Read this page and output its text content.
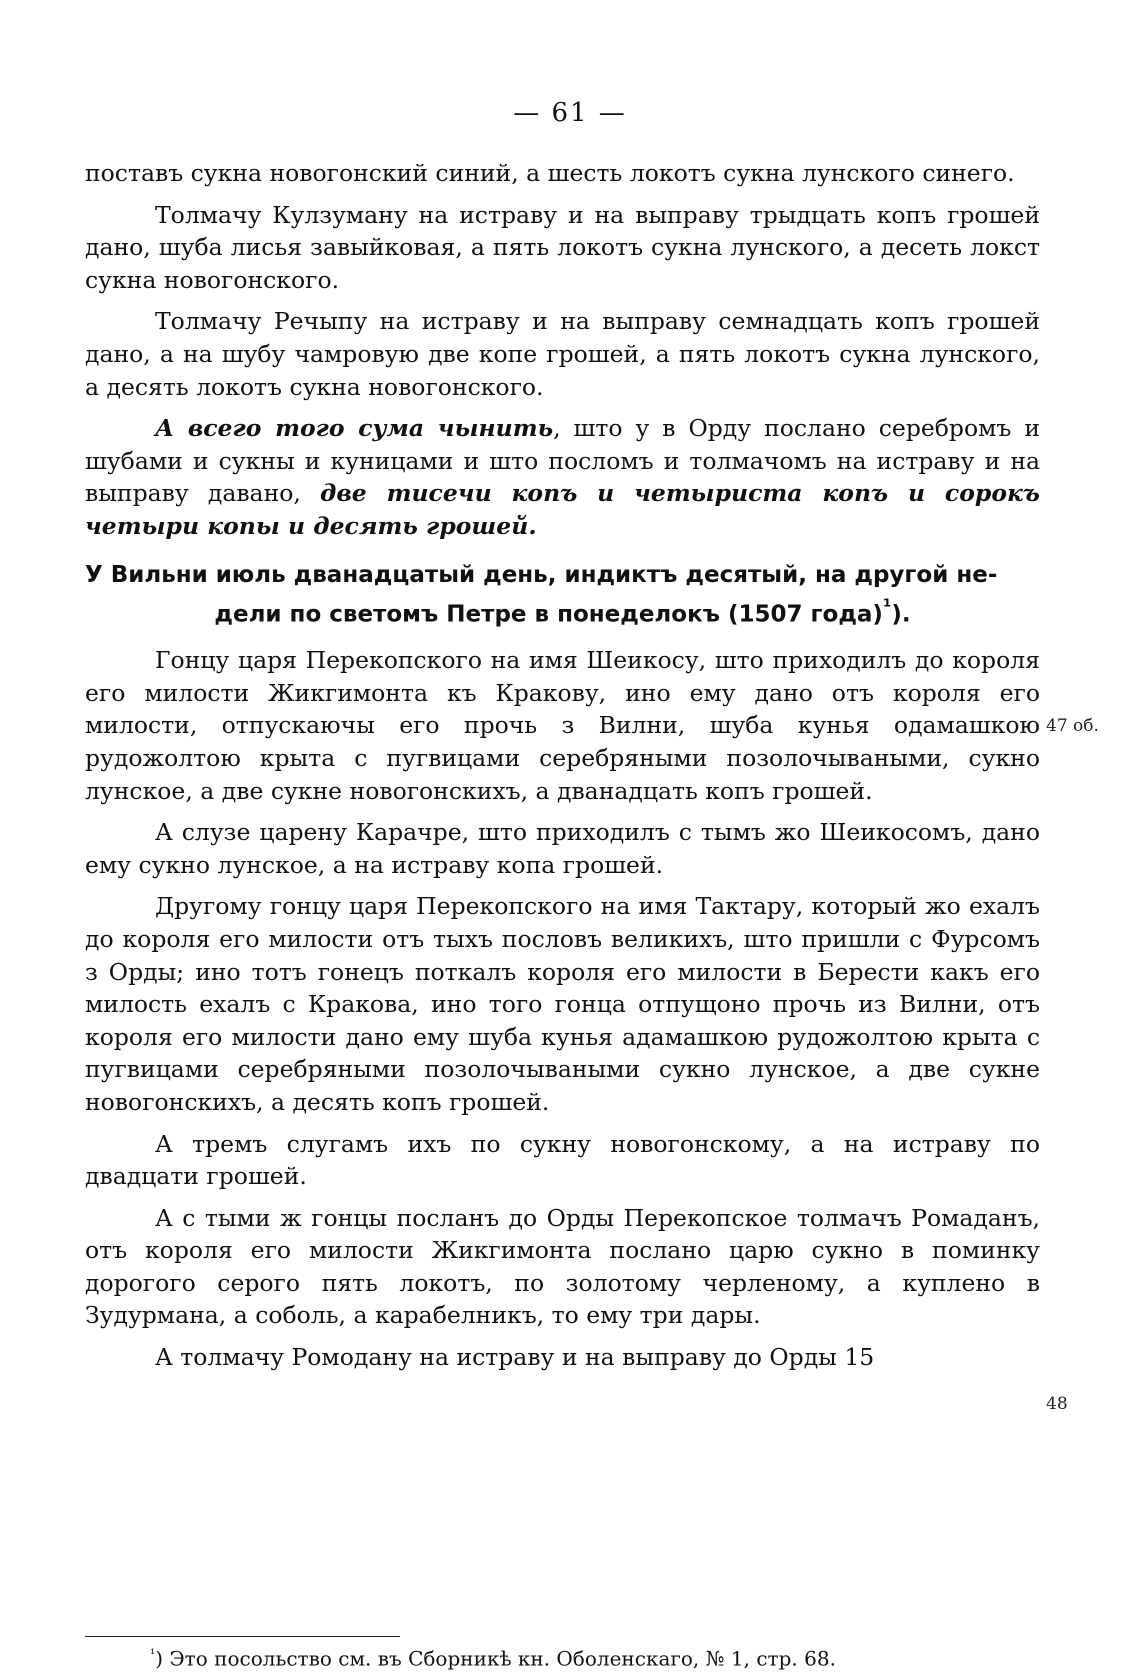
— 61 —

поставъ сукна новогонский синий, а шесть локотъ сукна лунского синего.

Толмачу Кулзуману на истраву и на выправу трыдцать копъ грошей дано, шуба лисья завыйковая, а пять локотъ сукна лунского, а десеть локст сукна новогонского.

Толмачу Речыпу на истраву и на выправу семнадцать копъ грошей дано, а на шубу чамровую две копе грошей, а пять локотъ сукна лунского, а десять локотъ сукна новогонского.

А всего того сума чынить, што у в Орду послано серебромъ и шубами и сукны и куницами и што посломъ и толмачомъ на истраву и на выправу давано, две тисечи копъ и четыриста копъ и сорокъ четыри копы и десять грошей.

У Вильни июль дванадцатый день, индиктъ десятый, на другой не-
дели по светомъ Петре в понеделокъ (1507 года)$^{^1}$).

Гонцу царя Перекопского на имя Шеикосу, што приходилъ до короля его милости Жикгимонта къ Кракову, ино ему дано отъ короля его милости, отпускаючы его прочь з Вилни, шуба кунья одамашкою рудожолтою крыта с пугвицами серебряными позолочываными, сукно лунское, а две сукне новогонскихъ, а дванадцать копъ грошей.

А слузе царену Карачре, што приходилъ с тымъ жо Шеикосомъ, дано ему сукно лунское, а на истраву копа грошей.

Другому гонцу царя Перекопского на имя Тактару, который жо ехалъ до короля его милости отъ тыхъ пословъ великихъ, што пришли с Фурсомъ з Орды; ино тотъ гонецъ поткалъ короля его милости в Берести какъ его милость ехалъ с Кракова, ино того гонца отпущоно прочь из Вилни, отъ короля его милости дано ему шуба кунья адамашкою рудожолтою крыта с пугвицами серебряными позолочываными сукно лунское, а две сукне новогонскихъ, а десять копъ грошей.

А тремъ слугамъ ихъ по сукну новогонскому, а на истраву по двадцати грошей.

А с тыми ж гонцы посланъ до Орды Перекопское толмачъ Ромаданъ, отъ короля его милости Жикгимонта послано царю сукно в поминку дорогого серого пять локотъ, по золотому черленому, а куплено в Зудурмана, а соболь, а карабелникъ, то ему три дары.

А толмачу Ромодану на истраву и на выправу до Орды 15

47 об.
48
$^{^1}$) Это посольство см. въ Сборникѣ кн. Оболенскаго, № 1, стр. 68.
